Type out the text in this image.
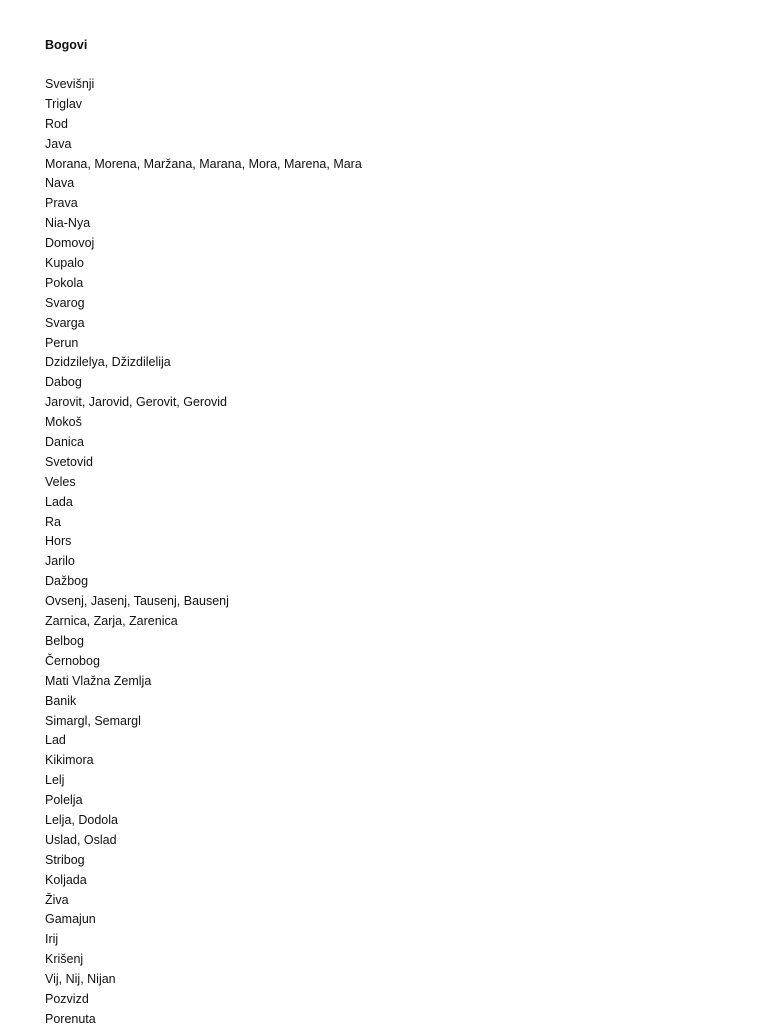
Bogovi
Svevišnji
Triglav
Rod
Java
Morana, Morena, Maržana, Marana, Mora, Marena, Mara
Nava
Prava
Nia-Nya
Domovoj
Kupalo
Pokola
Svarog
Svarga
Perun
Dzidzilelya, Džizdilelija
Dabog
Jarovit, Jarovid, Gerovit, Gerovid
Mokoš
Danica
Svetovid
Veles
Lada
Ra
Hors
Jarilo
Dažbog
Ovsenj, Jasenj, Tausenj, Bausenj
Zarnica, Zarja, Zarenica
Belbog
Černobog
Mati Vlažna Zemlja
Banik
Simargl, Semargl
Lad
Kikimora
Lelj
Polelja
Lelja, Dodola
Uslad, Oslad
Stribog
Koljada
Živa
Gamajun
Irij
Krišenj
Vij, Nij, Nijan
Pozvizd
Porenuta
